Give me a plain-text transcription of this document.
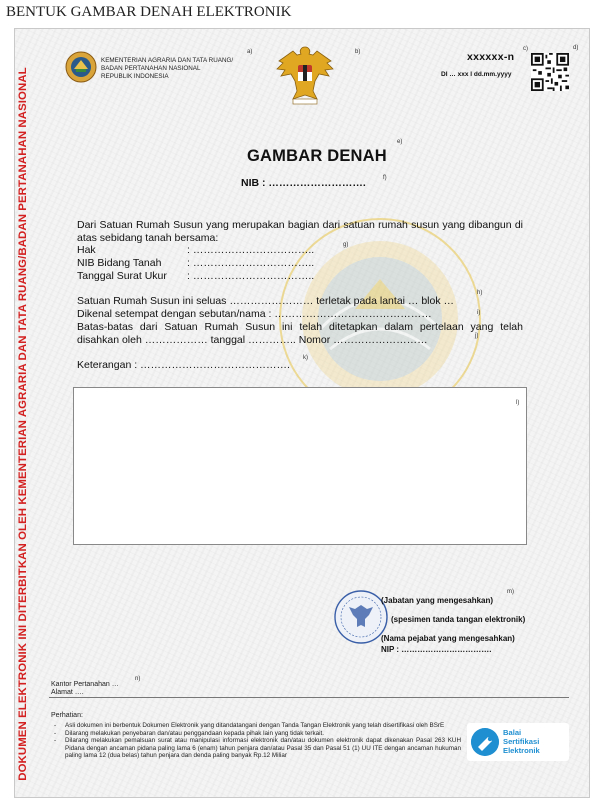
BENTUK GAMBAR DENAH ELEKTRONIK
DOKUMEN ELEKTRONIK INI DITERBITKAN OLEH KEMENTERIAN AGRARIA DAN TATA RUANG/BADAN PERTANAHAN NASIONAL
KEMENTERIAN AGRARIA DAN TATA RUANG/
BADAN PERTANAHAN NASIONAL
REPUBLIK INDONESIA
a)	b)	xxxxxx-n
c)
DI … xxx l dd.mm.yyyy
d)
GAMBAR DENAH
e)
NIB : ……………………….	f)
Dari Satuan Rumah Susun yang merupakan bagian dari satuan rumah susun yang dibangun di atas sebidang tanah bersama:
Hak	: ……………………………..
NIB Bidang Tanah : ……………………………..
Tanggal Surat Ukur : ……………………………..
g)
Satuan Rumah Susun ini seluas …………………… terletak pada lantai … blok …
h)
Dikenal setempat dengan sebutan/nama : ………………………………………	i)
Batas-batas dari Satuan Rumah Susun ini telah ditetapkan dalam pertelaan yang telah disahkan oleh ……………… tanggal ………….. Nomor ………………………	j)
Keterangan : …………………………………….
k)
l)
m)
(Jabatan yang mengesahkan)
(spesimen tanda tangan elektronik)
(Nama pejabat yang mengesahkan)
NIP : …………………………….
Kantor Pertanahan …
n)
Alamat ….
Perhatian:
- Asli dokumen ini berbentuk Dokumen Elektronik yang ditandatangani dengan Tanda Tangan Elektronik yang telah disertifikasi oleh BSrE
- Dilarang melakukan penyebaran dan/atau penggandaan kepada pihak lain yang tidak terkait.
- Dilarang melakukan pemalsuan surat atau manipulasi informasi elektronik dan/atau dokumen elektronik dapat dikenakan Pasal 263 KUH Pidana dengan ancaman pidana paling lama 6 (enam) tahun penjara dan/atau Pasal 35 dan Pasal 51 (1) UU ITE dengan ancaman hukuman paling lama 12 (dua belas) tahun penjara dan denda paling banyak Rp.12 Miliar
Balai
Sertifikasi
Elektronik
